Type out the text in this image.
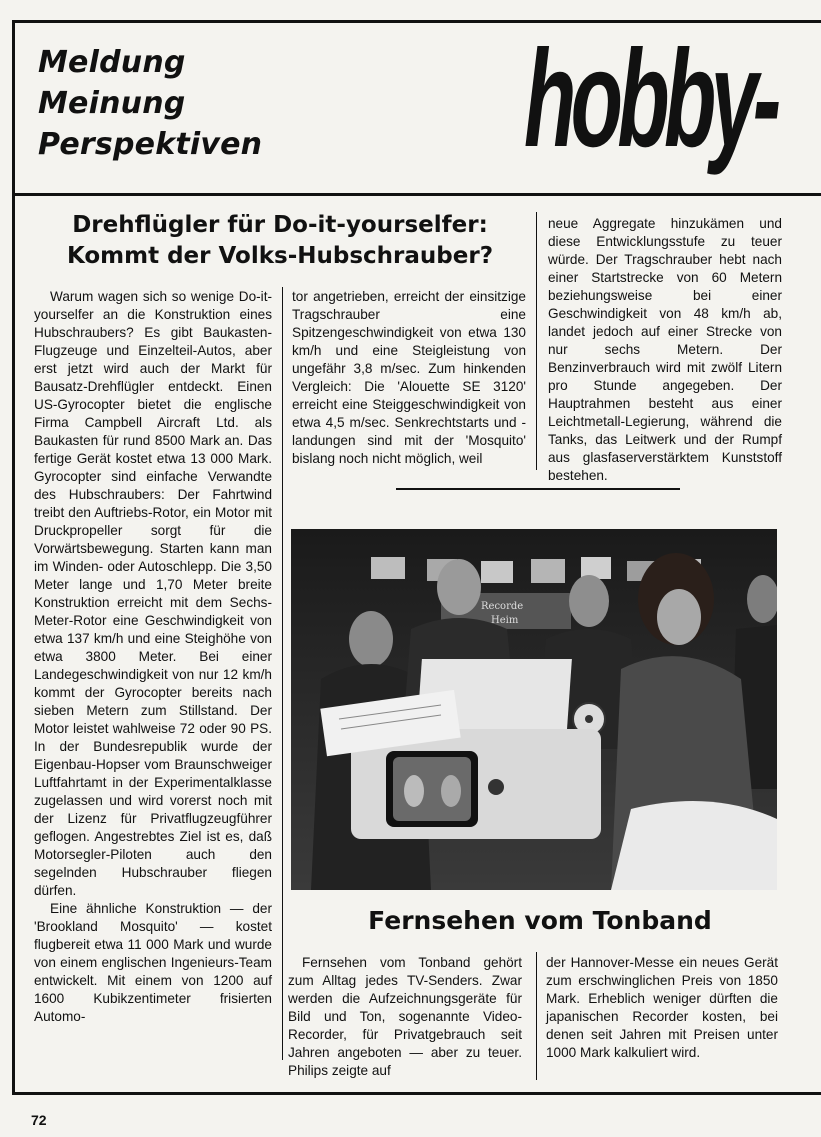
Meldung
Meinung
Perspektiven hobby-
Drehflügler für Do-it-yourselfer:
Kommt der Volks-Hubschrauber?

Warum wagen sich so wenige Do-it-yourselfer an die Konstruktion eines Hubschraubers? Es gibt Baukasten-Flugzeuge und Einzelteil-Autos, aber erst jetzt wird auch der Markt für Bausatz-Drehflügler entdeckt. Einen US-Gyrocopter bietet die englische Firma Campbell Aircraft Ltd. als Baukasten für rund 8500 Mark an. Das fertige Gerät kostet etwa 13 000 Mark. Gyrocopter sind einfache Verwandte des Hubschraubers: Der Fahrtwind treibt den Auftriebs-Rotor, ein Motor mit Druckpropeller sorgt für die Vorwärtsbewegung. Starten kann man im Winden- oder Autoschlepp. Die 3,50 Meter lange und 1,70 Meter breite Konstruktion erreicht mit dem Sechs-Meter-Rotor eine Geschwindigkeit von etwa 137 km/h und eine Steighöhe von etwa 3800 Meter. Bei einer Landegeschwindigkeit von nur 12 km/h kommt der Gyrocopter bereits nach sieben Metern zum Stillstand. Der Motor leistet wahlweise 72 oder 90 PS. In der Bundesrepublik wurde der Eigenbau-Hopser vom Braunschweiger Luftfahrtamt in der Experimentalklasse zugelassen und wird vorerst noch mit der Lizenz für Privatflugzeugführer geflogen. Angestrebtes Ziel ist es, daß Motorsegler-Piloten auch den segelnden Hubschrauber fliegen dürfen.

Eine ähnliche Konstruktion — der 'Brookland Mosquito' — kostet flugbereit etwa 11 000 Mark und wurde von einem englischen Ingenieurs-Team entwickelt. Mit einem von 1200 auf 1600 Kubikzentimeter frisierten Automo-

tor angetrieben, erreicht der einsitzige Tragschrauber eine Spitzengeschwindigkeit von etwa 130 km/h und eine Steigleistung von ungefähr 3,8 m/sec. Zum hinkenden Vergleich: Die 'Alouette SE 3120' erreicht eine Steiggeschwindigkeit von etwa 4,5 m/sec. Senkrechtstarts und -landungen sind mit der 'Mosquito' bislang noch nicht möglich, weil

neue Aggregate hinzukämen und diese Entwicklungsstufe zu teuer würde. Der Tragschrauber hebt nach einer Startstrecke von 60 Metern beziehungsweise bei einer Geschwindigkeit von 48 km/h ab, landet jedoch auf einer Strecke von nur sechs Metern. Der Benzinverbrauch wird mit zwölf Litern pro Stunde angegeben. Der Hauptrahmen besteht aus einer Leichtmetall-Legierung, während die Tanks, das Leitwerk und der Rumpf aus glasfaserverstärktem Kunststoff bestehen.

Recorde
Heim
Fernsehen vom Tonband

Fernsehen vom Tonband gehört zum Alltag jedes TV-Senders. Zwar werden die Aufzeichnungsgeräte für Bild und Ton, sogenannte Video-Recorder, für Privatgebrauch seit Jahren angeboten — aber zu teuer. Philips zeigte auf

der Hannover-Messe ein neues Gerät zum erschwinglichen Preis von 1850 Mark. Erheblich weniger dürften die japanischen Recorder kosten, bei denen seit Jahren mit Preisen unter 1000 Mark kalkuliert wird.

72
